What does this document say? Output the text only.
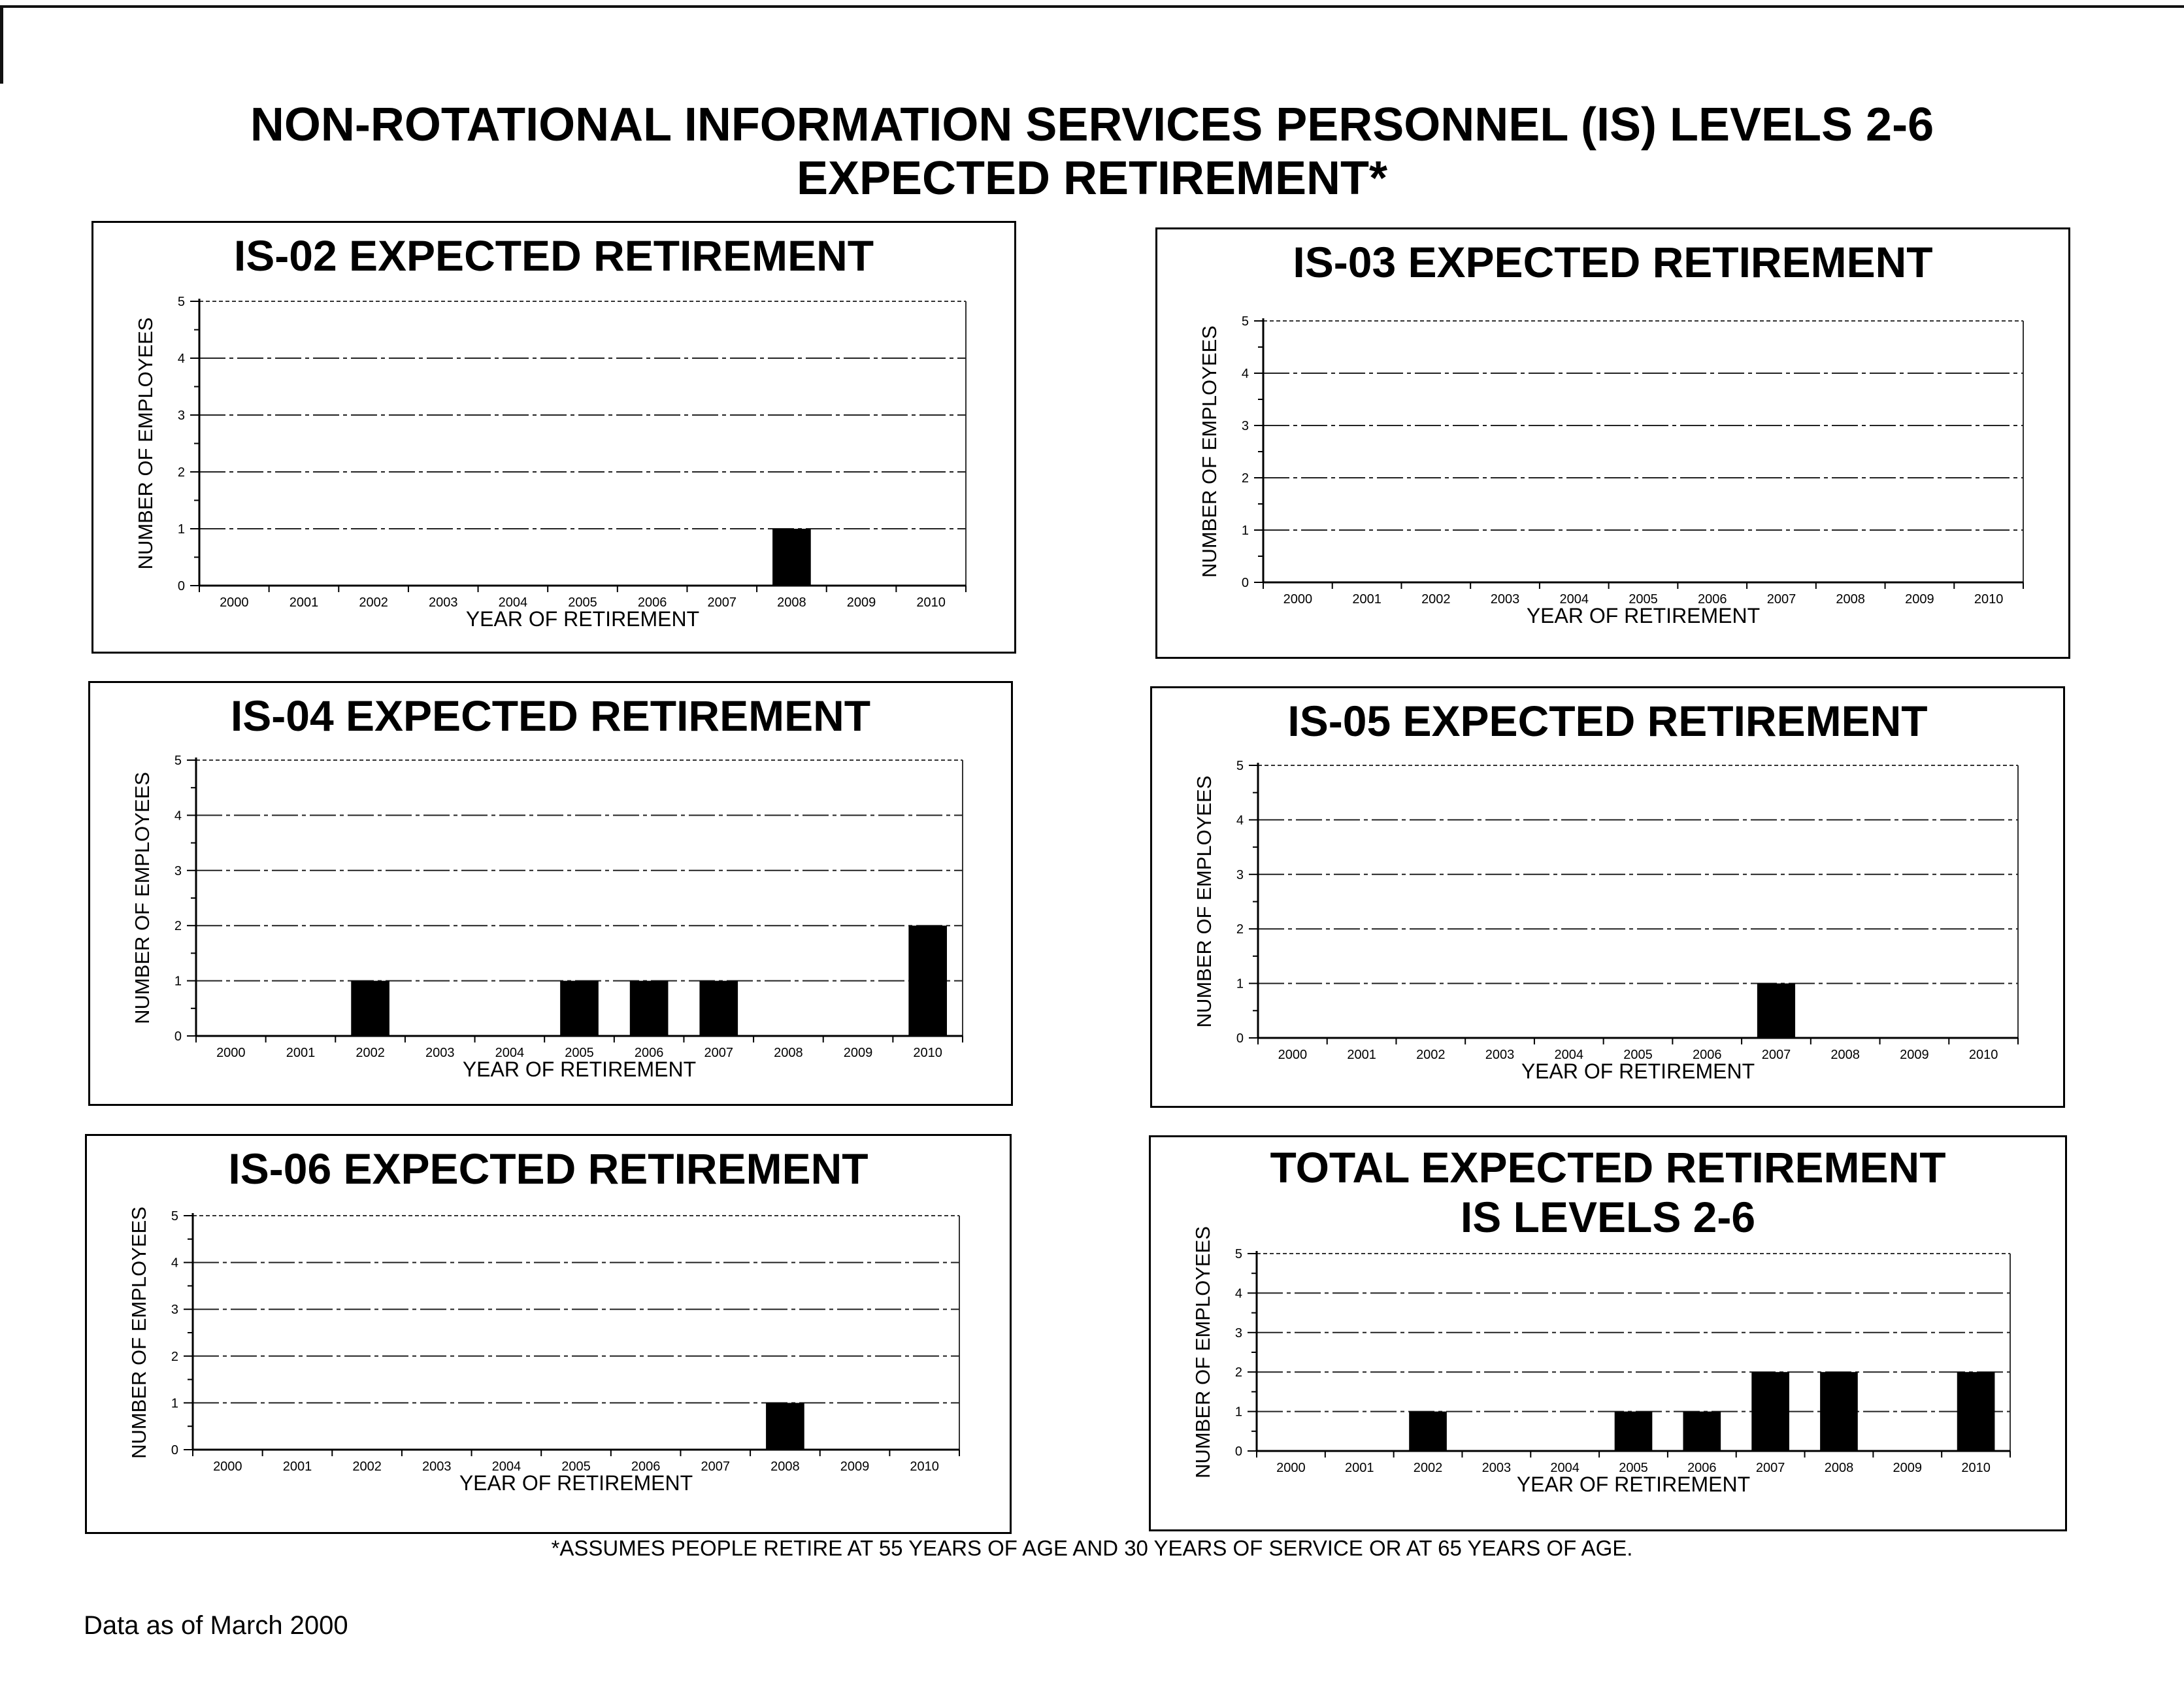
NON-ROTATIONAL INFORMATION SERVICES PERSONNEL (IS) LEVELS 2-6
EXPECTED RETIREMENT*
IS-02 EXPECTED RETIREMENT
0
1
2
3
4
5
2000	2001	2002	2003	2004	2005	2006	2007	2008	2009	2010
YEAR OF RETIREMENT
NUMBER OF EMPLOYEES
IS-03 EXPECTED RETIREMENT
0
1
2
3
4
5
2000	2001	2002	2003	2004	2005	2006	2007	2008	2009	2010
YEAR OF RETIREMENT
NUMBER OF EMPLOYEES
IS-04 EXPECTED RETIREMENT
0
1
2
3
4
5
2000	2001	2002	2003	2004	2005	2006	2007	2008	2009	2010
YEAR OF RETIREMENT
NUMBER OF EMPLOYEES
IS-05 EXPECTED RETIREMENT
0
1
2
3
4
5
2000	2001	2002	2003	2004	2005	2006	2007	2008	2009	2010
YEAR OF RETIREMENT
NUMBER OF EMPLOYEES
IS-06 EXPECTED RETIREMENT
0
1
2
3
4
5
2000	2001	2002	2003	2004	2005	2006	2007	2008	2009	2010
YEAR OF RETIREMENT
NUMBER OF EMPLOYEES
TOTAL EXPECTED RETIREMENT
IS LEVELS 2-6
0
1
2
3
4
5
2000	2001	2002	2003	2004	2005	2006	2007	2008	2009	2010
YEAR OF RETIREMENT
NUMBER OF EMPLOYEES
*ASSUMES PEOPLE RETIRE AT 55 YEARS OF AGE AND 30 YEARS OF SERVICE OR AT 65 YEARS OF AGE.
Data as of March 2000
